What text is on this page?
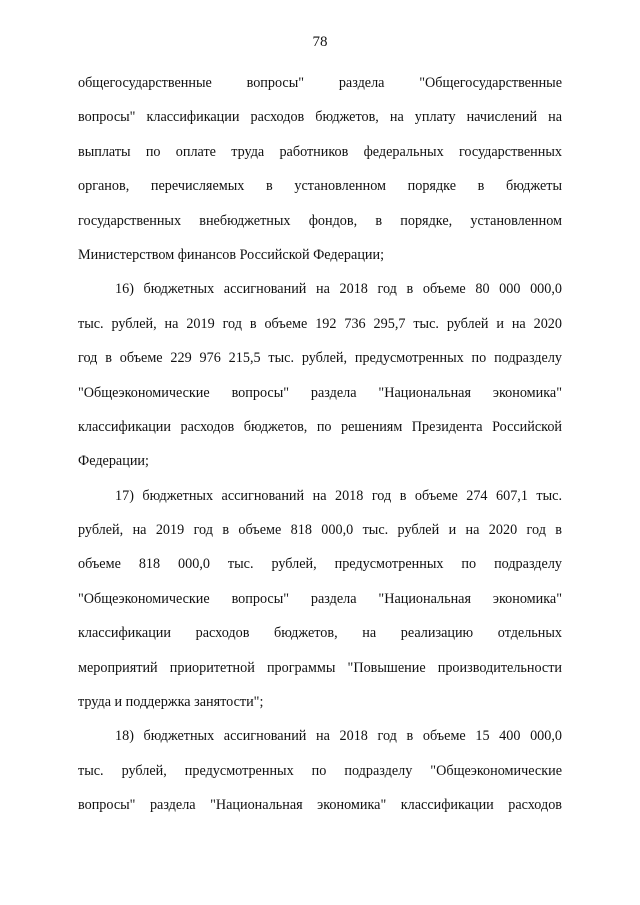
78
общегосударственные вопросы" раздела "Общегосударственные
вопросы" классификации расходов бюджетов, на уплату начислений на
выплаты по оплате труда работников федеральных государственных
органов, перечисляемых в установленном порядке в бюджеты
государственных внебюджетных фондов, в порядке, установленном
Министерством финансов Российской Федерации;
16) бюджетных ассигнований на 2018 год в объеме 80 000 000,0
тыс. рублей, на 2019 год в объеме 192 736 295,7 тыс. рублей и на 2020
год в объеме 229 976 215,5 тыс. рублей, предусмотренных по подразделу
"Общеэкономические вопросы" раздела "Национальная экономика"
классификации расходов бюджетов, по решениям Президента Российской
Федерации;
17) бюджетных ассигнований на 2018 год в объеме 274 607,1 тыс.
рублей, на 2019 год в объеме 818 000,0 тыс. рублей и на 2020 год в
объеме 818 000,0 тыс. рублей, предусмотренных по подразделу
"Общеэкономические вопросы" раздела "Национальная экономика"
классификации расходов бюджетов, на реализацию отдельных
мероприятий приоритетной программы "Повышение производительности
труда и поддержка занятости";
18) бюджетных ассигнований на 2018 год в объеме 15 400 000,0
тыс. рублей, предусмотренных по подразделу "Общеэкономические
вопросы" раздела "Национальная экономика" классификации расходов
